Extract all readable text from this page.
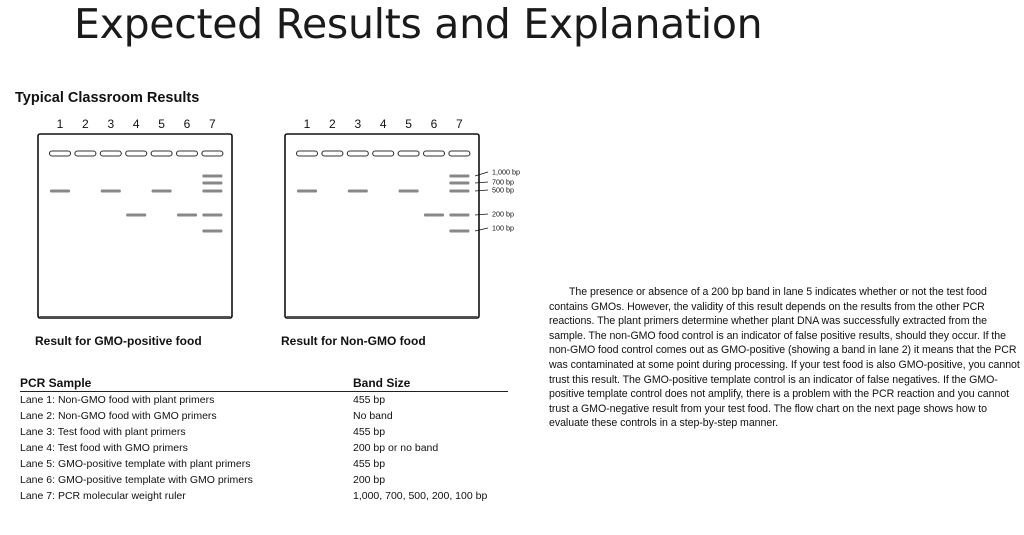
Expected Results and Explanation
Typical Classroom Results
1 2 3 4 5 6 7	1 2 3 4 5 6 7
1,000 bp
700 bp
500 bp
200 bp
100 bp
Result for GMO-positive food	Result for Non-GMO food
PCR Sample	Band Size
Lane 1: Non-GMO food with plant primers	455 bp
Lane 2: Non-GMO food with GMO primers	No band
Lane 3: Test food with plant primers	455 bp
Lane 4: Test food with GMO primers	200 bp or no band
Lane 5: GMO-positive template with plant primers	455 bp
Lane 6: GMO-positive template with GMO primers	200 bp
Lane 7: PCR molecular weight ruler	1,000, 700, 500, 200, 100 bp

The presence or absence of a 200 bp band in lane 5 indicates whether or not the test food contains GMOs. However, the validity of this result depends on the results from the other PCR reactions. The plant primers determine whether plant DNA was successfully extracted from the sample. The non-GMO food control is an indicator of false positive results, should they occur. If the non-GMO food control comes out as GMO-positive (showing a band in lane 2) it means that the PCR was contaminated at some point during processing. If your test food is also GMO-positive, you cannot trust this result. The GMO-positive template control is an indicator of false negatives. If the GMO-positive template control does not amplify, there is a problem with the PCR reaction and you cannot trust a GMO-negative result from your test food. The flow chart on the next page shows how to evaluate these controls in a step-by-step manner.
